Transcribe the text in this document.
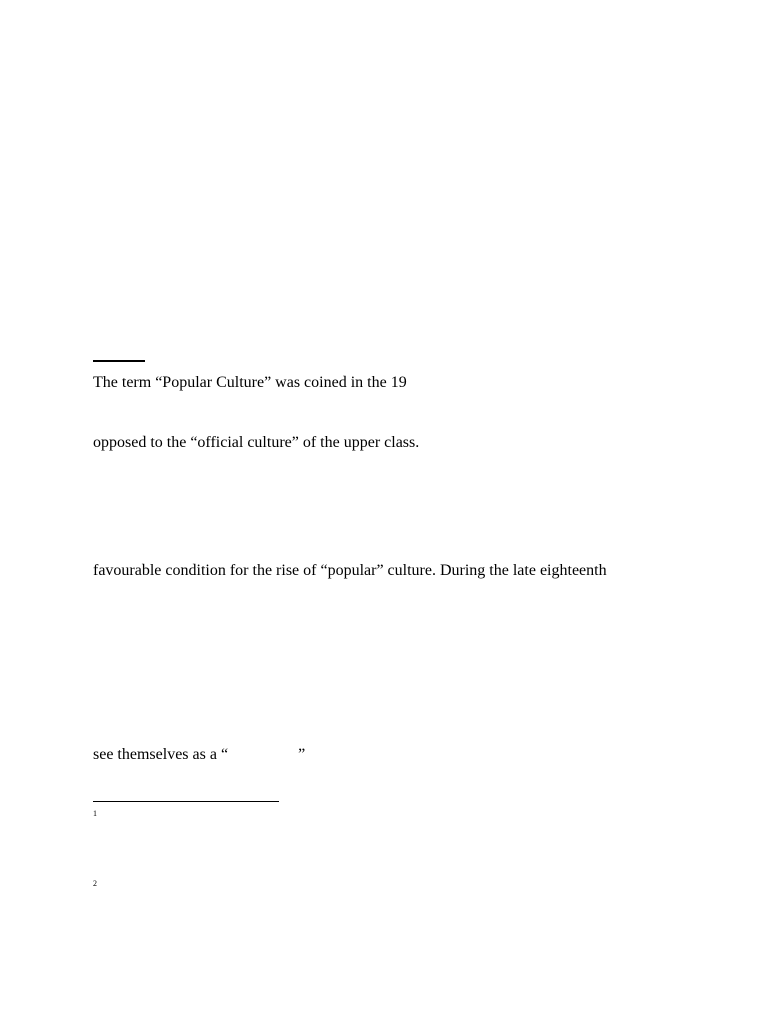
The term “Popular Culture” was coined in the 19
opposed to the “official culture” of the upper class.
favourable condition for the rise of “popular” culture. During the late eighteenth
see themselves as a “	”
1
2
